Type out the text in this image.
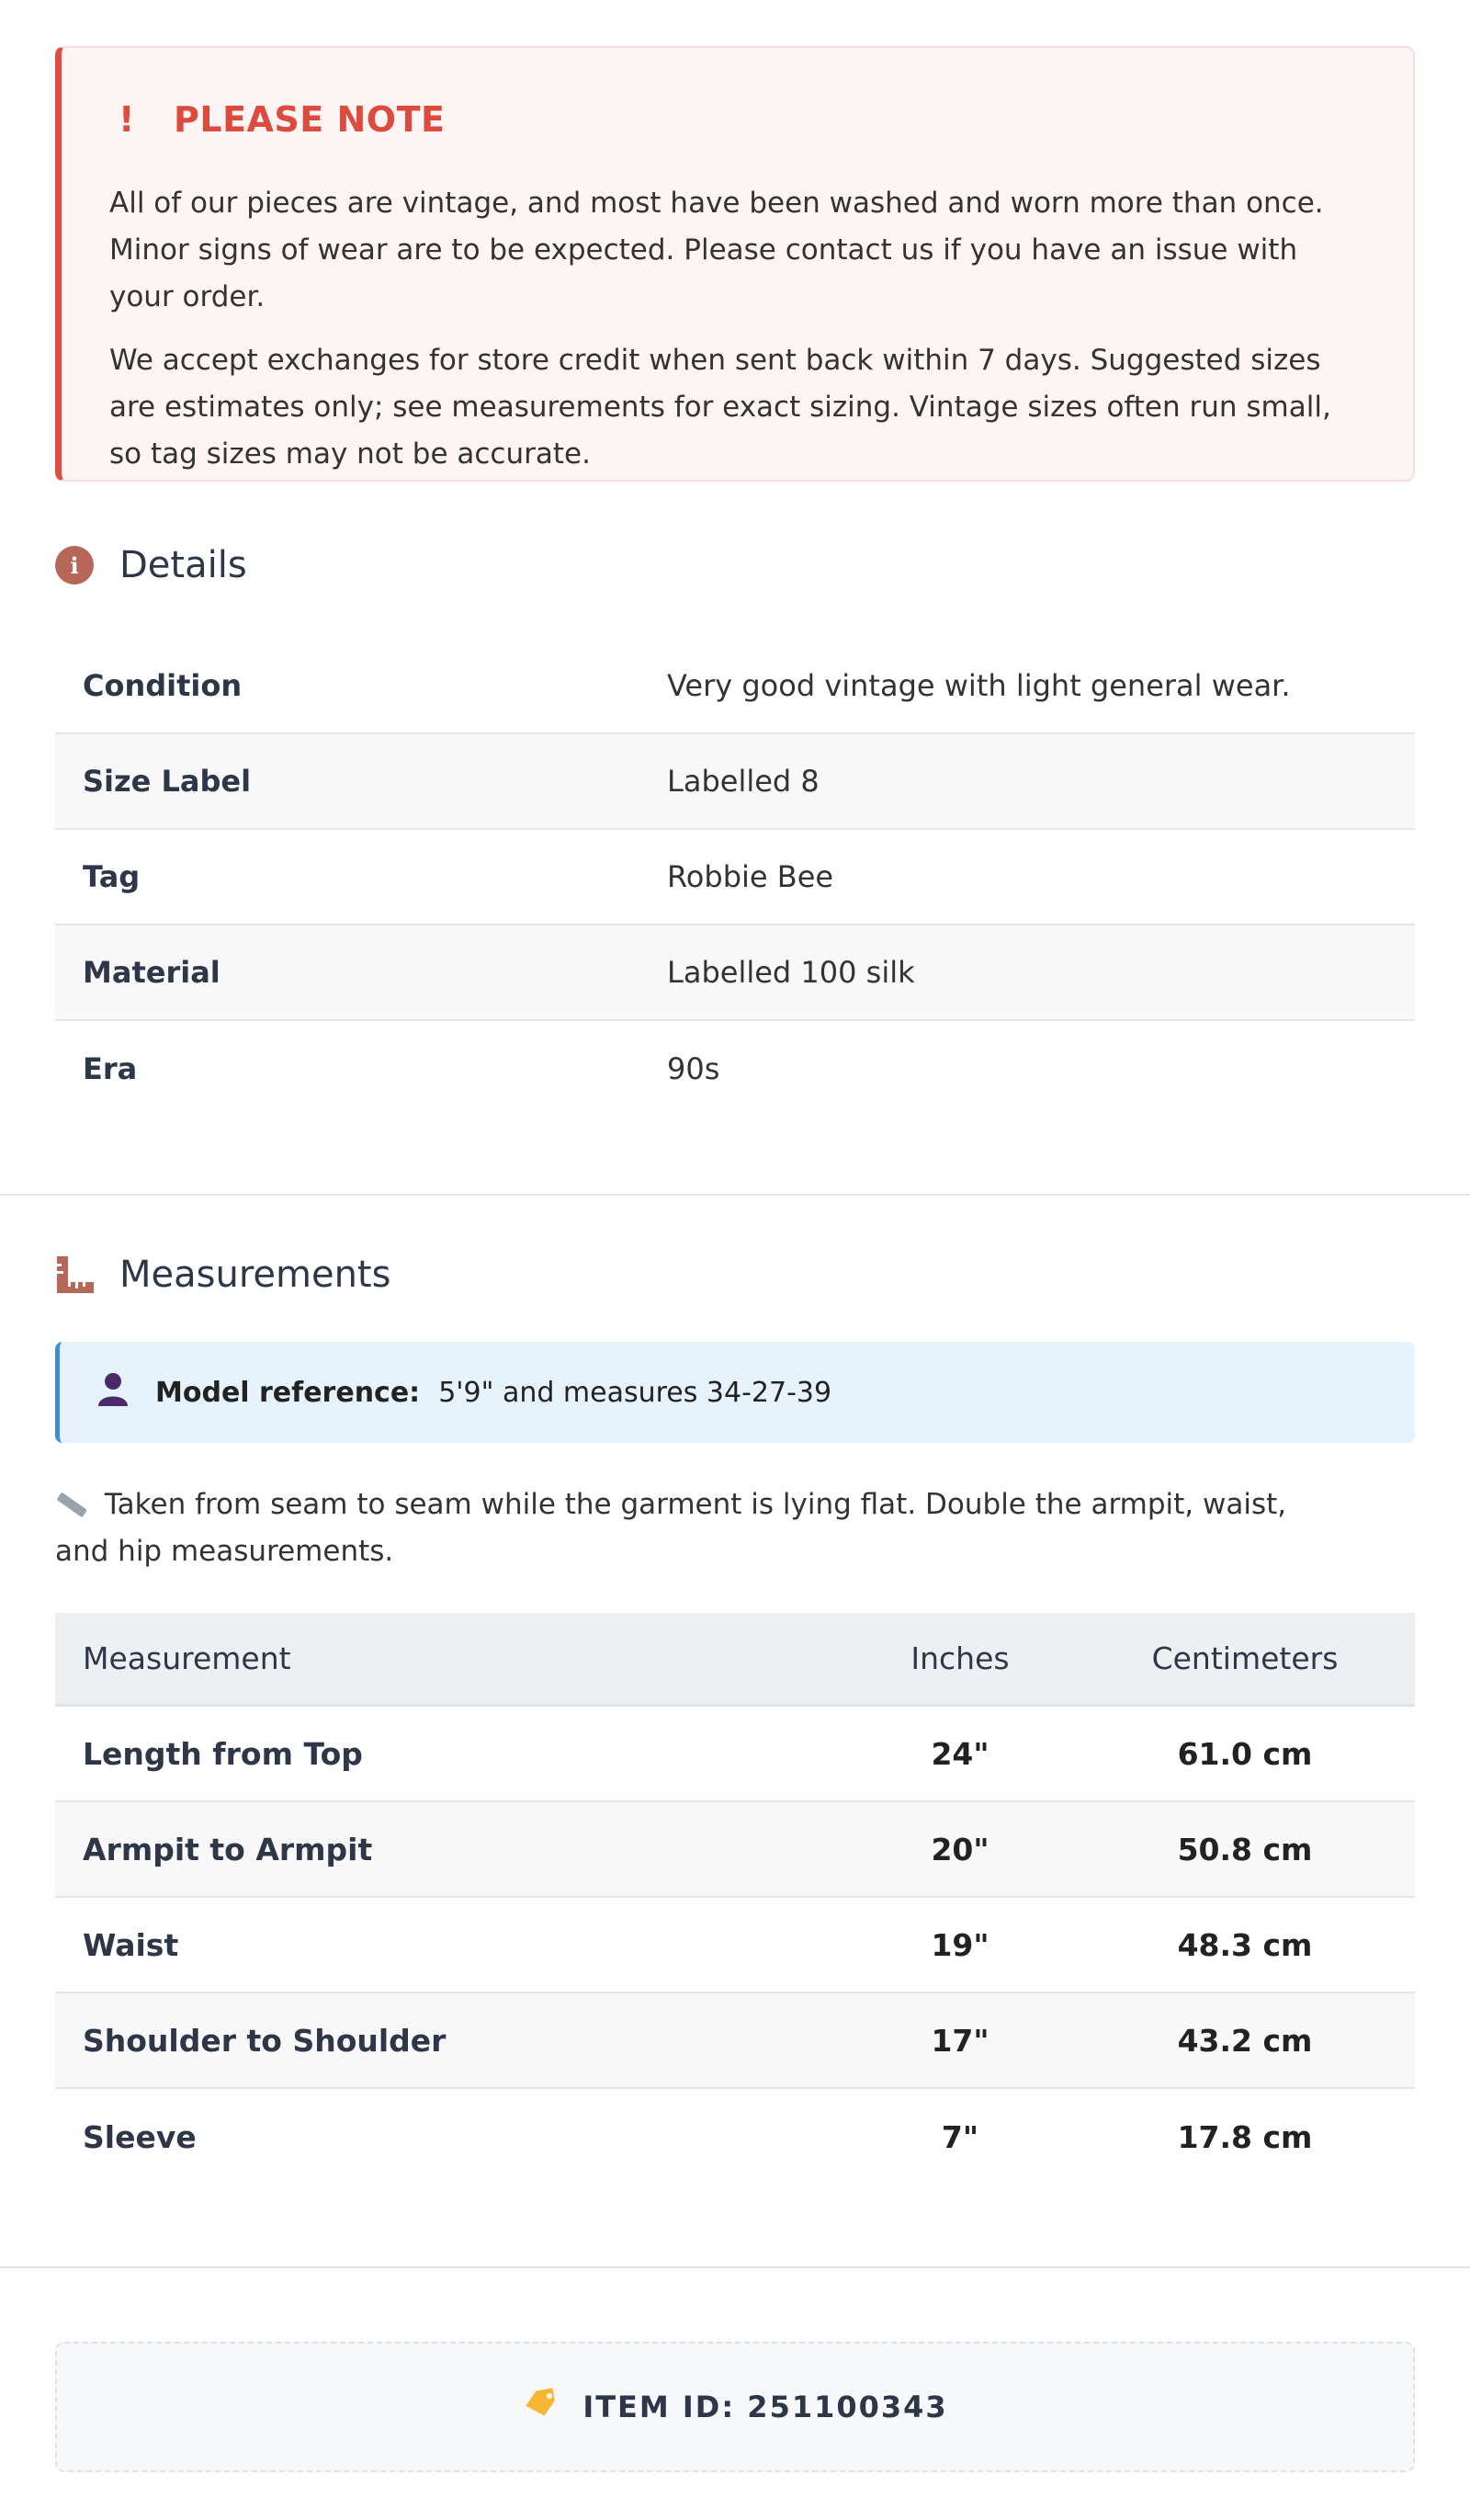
!	PLEASE NOTE

All of our pieces are vintage, and most have been washed and worn more than once. Minor signs of wear are to be expected. Please contact us if you have an issue with your order.

We accept exchanges for store credit when sent back within 7 days. Suggested sizes are estimates only; see measurements for exact sizing. Vintage sizes often run small, so tag sizes may not be accurate.

i	Details
Condition	Very good vintage with light general wear.
Size Label	Labelled 8
Tag	Robbie Bee
Material	Labelled 100 silk
Era	90s
Measurements
Model reference: 5'9" and measures 34-27-39
Taken from seam to seam while the garment is lying flat. Double the armpit, waist, and hip measurements.
Measurement	Inches	Centimeters
Length from Top	24"	61.0 cm
Armpit to Armpit	20"	50.8 cm
Waist	19"	48.3 cm
Shoulder to Shoulder	17"	43.2 cm
Sleeve	7"	17.8 cm
ITEM ID: 251100343
